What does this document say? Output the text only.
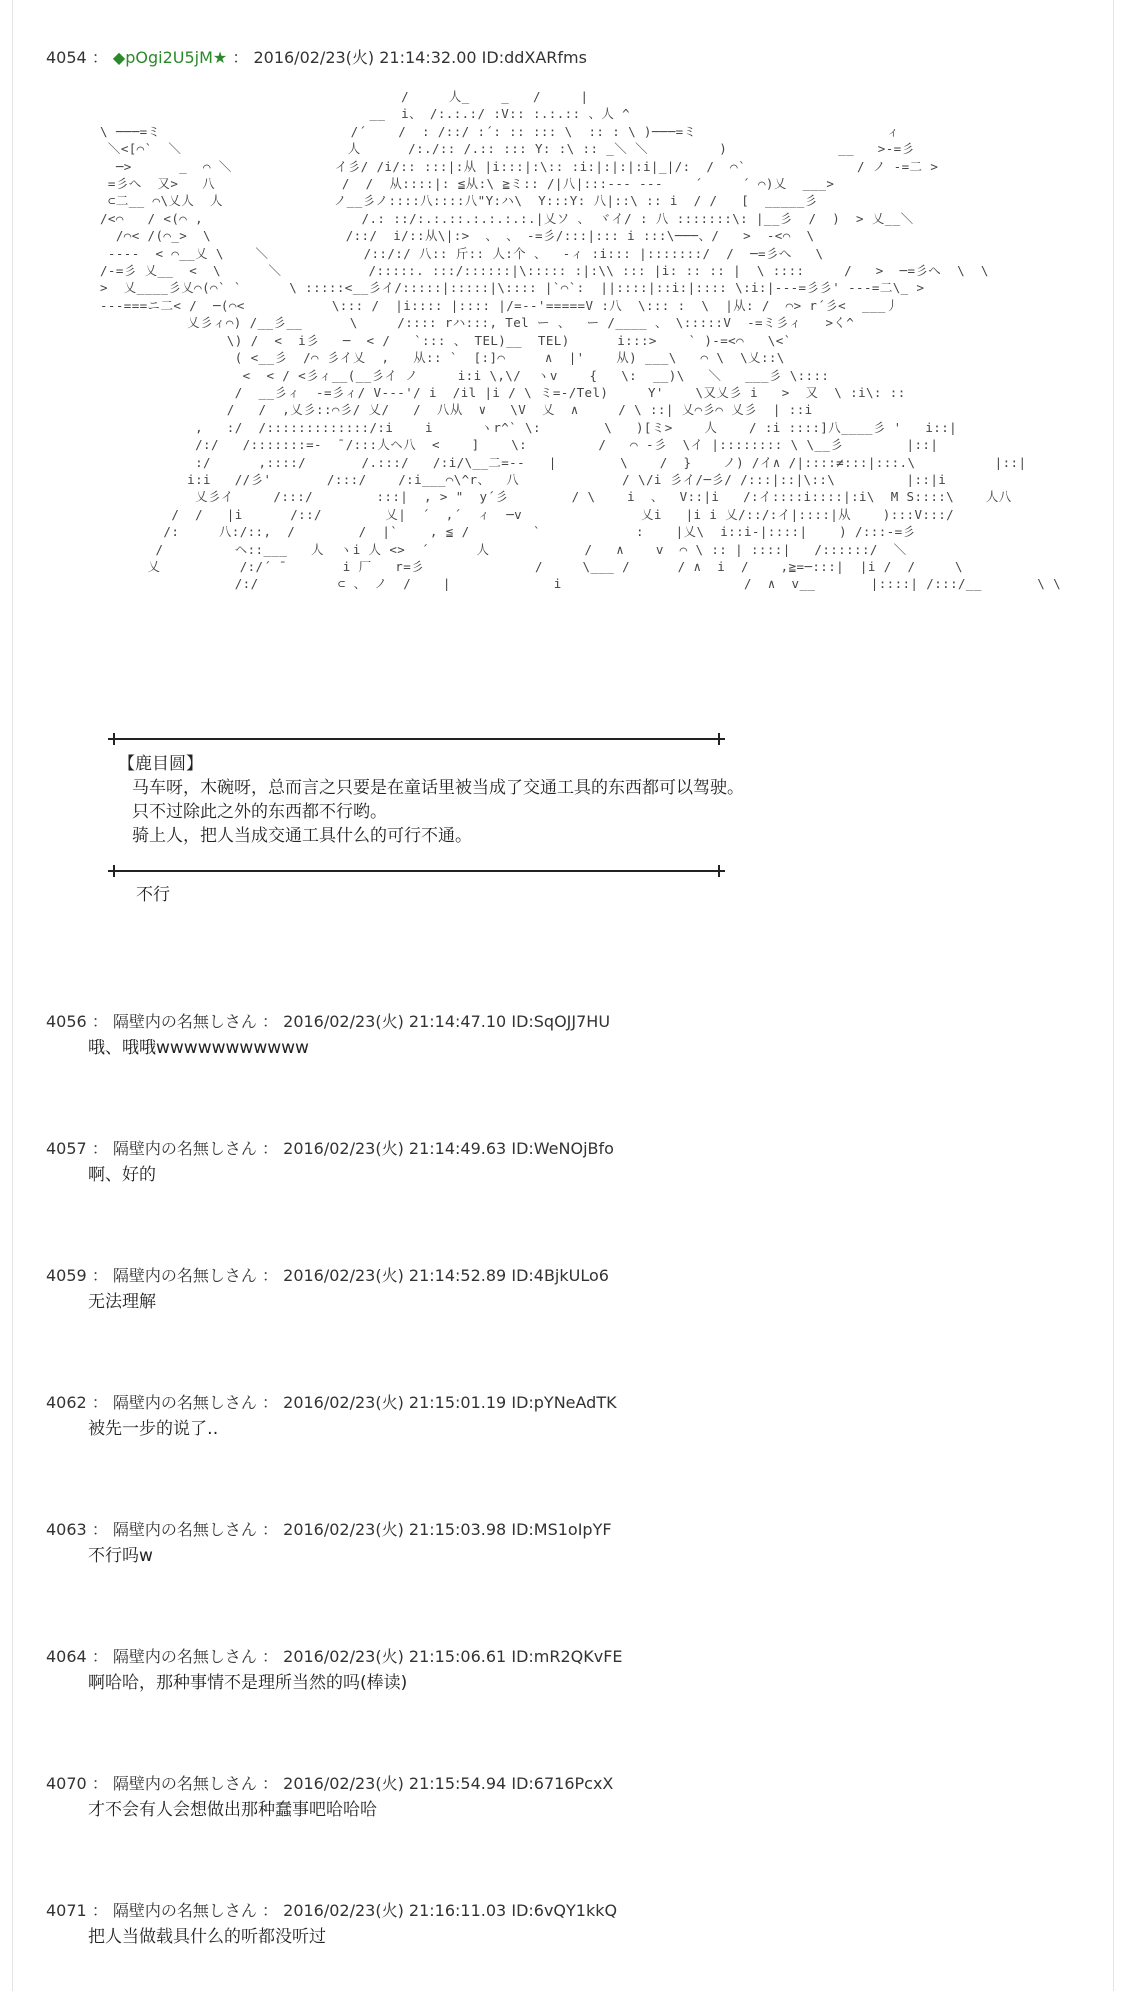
4054 ： ◆pOgi2U5jM★ ： 2016/02/23(火) 21:14:32.00 ID:ddXARfms
/     人_    _   /     |
__  i、 /:.:.:/ :V:: :.:.:: 、人 ^
\ ───=ミ                        /´    /  : /::/ :´: :: ::: \  :: : \ )───=ミ                        ィ
＼<[⌒`  ＼                     人      /:./:: /.:: ::: Y: :\ :: _＼ ＼         )              __   >-=彡
─>      _  ⌒ ＼             イ彡/ /i/:: :::|:从 |i:::|:\:: :i:|:|:|:i|_|/:  /  ⌒`              / ノ -=二 >
=彡へ  又>   八                /  /  从::::|: ≦从:\ ≧ミ:: /|八|:::--- ---    ´     ´ ⌒)乂  ___>
⊂二__ ⌒\乂人  人              ノ__彡ノ::::八::::八"Y:ハ\  Y:::Y: 八|::\ :: i  / /   [  _____彡
/<⌒   / <(⌒ ,                    /.: ::/:.:.::.:.:.:.:.|乂ソ 、 ヾイ/ : 八 :::::::\: |__彡  /  )  > 乂__＼
/⌒< /(⌒_>  \                 /::/  i/::从\|:>  、 、 -=彡/:::|::: i :::\───、/   >  -<⌒  \
----  < ⌒__乂 \    ＼            /::/:/ 八:: 斤:: 人:个 、  -ィ :i::: |:::::::/  /  ─=彡へ   \
/-=彡 乂__  <  \      ＼           /:::::. :::/::::::|\::::: :|:\\ ::: |i: :: :: |  \ ::::     /   >  ─=彡へ  \  \
>  乂____彡乂⌒(⌒` `      \ :::::<__彡イ/:::::|:::::|\:::: |`⌒`:  ||::::|::i:|:::: \:i:|---=彡彡' ---=二\_ >
---===ニ二< /  ─(⌒<           \::: /  |i:::: |:::: |/=--'=====V :八  \::: :  \  |从: /  ⌒> r´彡<  ___丿
乂彡ィ⌒) /__彡__      \     /:::: rハ:::, Tel ー 、  ー /____ 、 \:::::V  -=ミ彡ィ   >く^
\) /  <  i彡   ─  < /   `::: 、 TEL)__  TEL)      i:::>    ` )-=<⌒   \<`
( <__彡  /⌒ 彡イ乂  ,   从:: `  [:]⌒     ∧  |'    从) ___\   ⌒ \  \乂::\
<  < / <彡ィ__(__彡イ ノ     i:i \,\/  ヽv    {   \:  __)\   ＼   ___彡 \::::
/  __彡ィ  -=彡ィ/ V---'/ i  /il |i / \ ミ=-/Tel)     Y'    \又乂彡 i   >  又  \ :i\: ::
/   /  ,乂彡::⌒彡/ 乂/   /  八从  ∨   \V  乂  ∧     / \ ::| 乂⌒彡⌒ 乂彡  | ::i
,   :/  /:::::::::::::/:i    i      ヽr^` \:        \   )[ミ>    人    / :i ::::]八____彡 '   i::|
/:/   /:::::::=-  ̄ /:::人ヘ八  <    ]    \:         /   ⌒ -彡  \イ |:::::::: \ \__彡        |::|
:/      ,::::/       /.:::/   /:i/\__二=--   |        \    /  }    ノ) /イ∧ /|::::≠:::|:::.\          |::|
i:i   //彡'       /:::/    /:i___⌒\^r、  八             / \/i 彡イ/─彡/ /:::|::|\::\         |::|i
乂彡イ     /:::/        :::|  , > "  y´彡        / \    i  、  V::|i   /:イ::::i::::|:i\  M S::::\    人八
/  /   |i      /::/        乂|  ´  ,´  ィ  ─v               乂i   |i i 乂/::/:イ|::::|从    ):::V:::/
/:     八:/::,  /        /  |`    , ≦ /        `            :    |乂\  i::i-|::::|    ) /:::-=彡
/         ヘ::___   人  ヽi 人 <>  ´      人            /   ∧    v  ⌒ \ :: | ::::|   /::::::/  ＼
乂          /:/´ ̄        i 厂   r=彡              /     \___ /      / ∧  i  /    ,≧=─:::|  |i /  /     \
/:/          ⊂ 、 ノ  /    |             i                       /  ∧  v__       |::::| /:::/__       \ \
【鹿目圆】
马车呀，木碗呀，总而言之只要是在童话里被当成了交通工具的东西都可以驾驶。
只不过除此之外的东西都不行哟。
骑上人，把人当成交通工具什么的可行不通。
不行
4056 ： 隔壁内の名無しさん ： 2016/02/23(火) 21:14:47.10 ID:SqOJJ7HU
哦、哦哦wwwwwwwwwww
4057 ： 隔壁内の名無しさん ： 2016/02/23(火) 21:14:49.63 ID:WeNOjBfo
啊、好的
4059 ： 隔壁内の名無しさん ： 2016/02/23(火) 21:14:52.89 ID:4BjkULo6
无法理解
4062 ： 隔壁内の名無しさん ： 2016/02/23(火) 21:15:01.19 ID:pYNeAdTK
被先一步的说了‥
4063 ： 隔壁内の名無しさん ： 2016/02/23(火) 21:15:03.98 ID:MS1oIpYF
不行吗w
4064 ： 隔壁内の名無しさん ： 2016/02/23(火) 21:15:06.61 ID:mR2QKvFE
啊哈哈，那种事情不是理所当然的吗(棒读)
4070 ： 隔壁内の名無しさん ： 2016/02/23(火) 21:15:54.94 ID:6716PcxX
才不会有人会想做出那种蠢事吧哈哈哈
4071 ： 隔壁内の名無しさん ： 2016/02/23(火) 21:16:11.03 ID:6vQY1kkQ
把人当做载具什么的听都没听过
